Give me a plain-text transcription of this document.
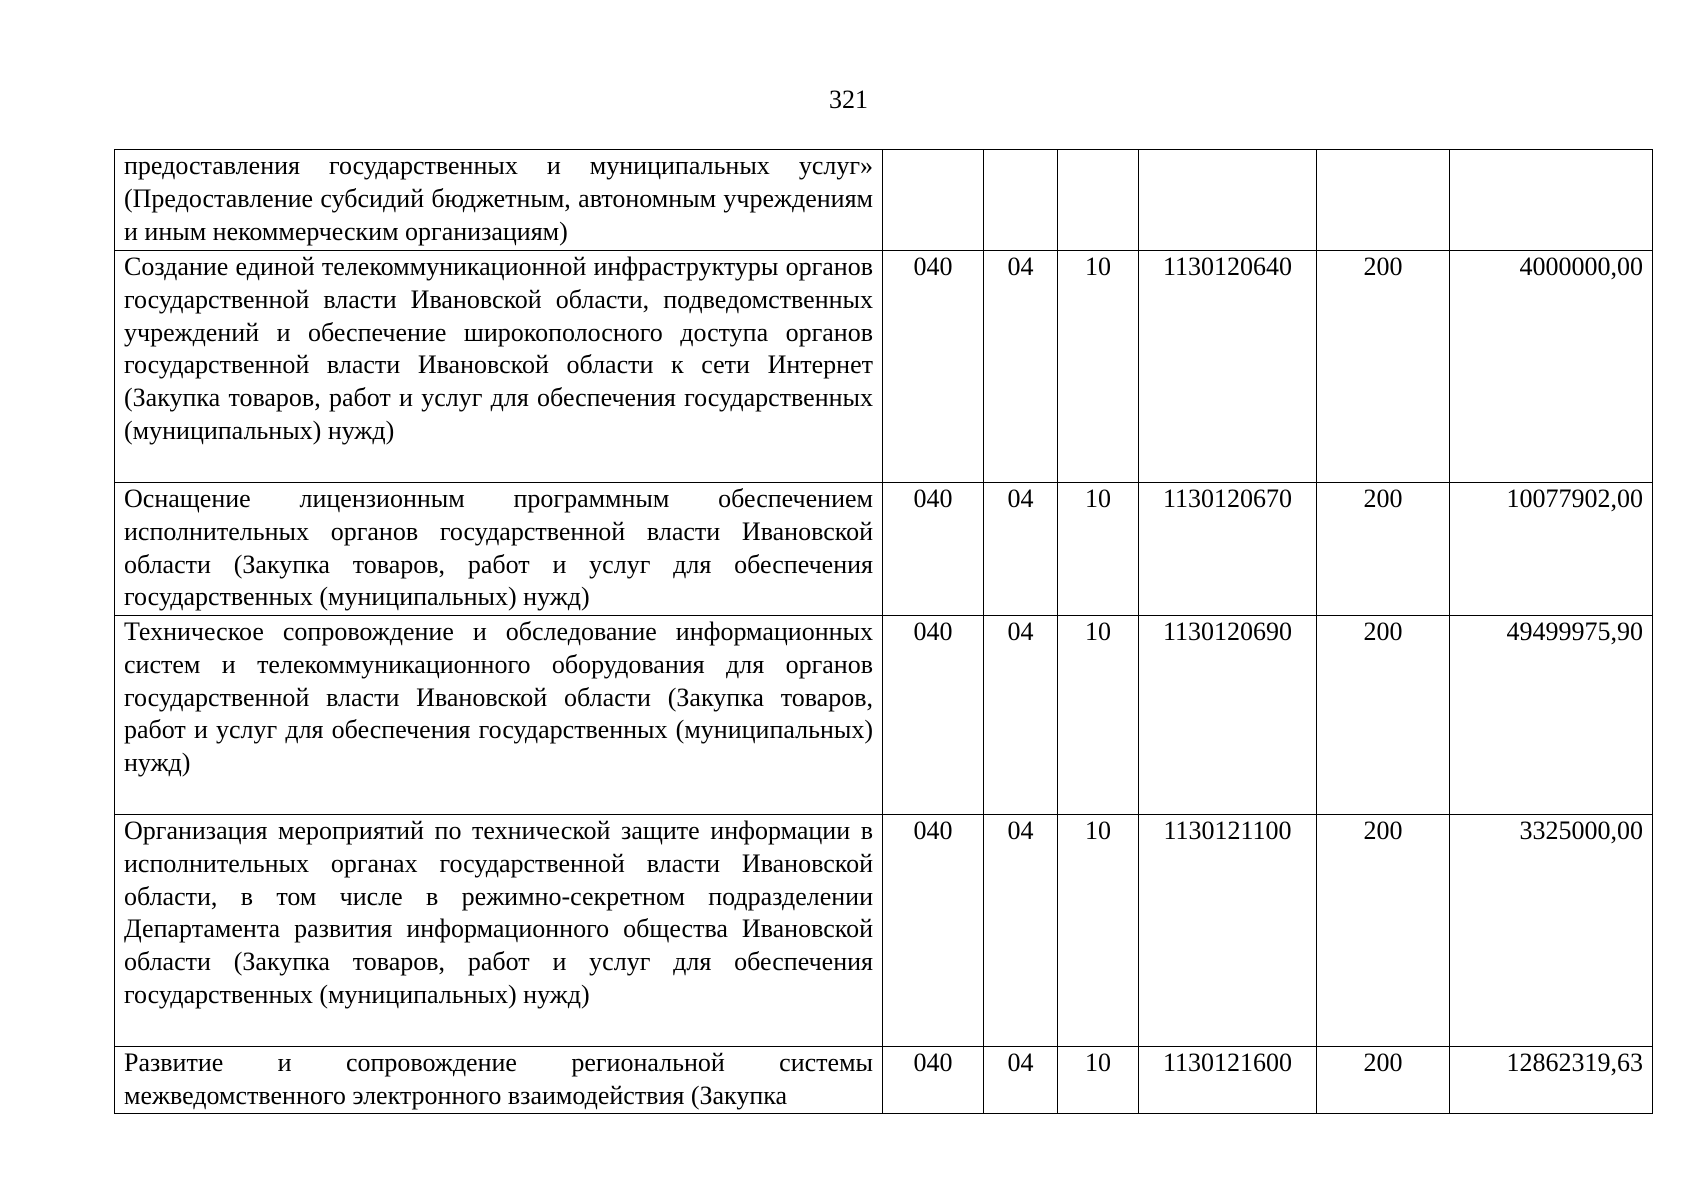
321
предоставления государственных и муниципальных услуг» (Предоставление субсидий бюджетным, автономным учреждениям и иным некоммерческим организациям)						
Создание единой телекоммуникационной инфраструктуры органов государственной власти Ивановской области, подведомственных учреждений и обеспечение широкополосного доступа органов государственной власти Ивановской области к сети Интернет (Закупка товаров, работ и услуг для обеспечения государственных (муниципальных) нужд)	040	04	10	1130120640	200	4000000,00
Оснащение лицензионным программным обеспечением исполнительных органов государственной власти Ивановской области (Закупка товаров, работ и услуг для обеспечения государственных (муниципальных) нужд)	040	04	10	1130120670	200	10077902,00
Техническое сопровождение и обследование информационных систем и телекоммуникационного оборудования для органов государственной власти Ивановской области (Закупка товаров, работ и услуг для обеспечения государственных (муниципальных) нужд)	040	04	10	1130120690	200	49499975,90
Организация мероприятий по технической защите информации в исполнительных органах государственной власти Ивановской области, в том числе в режимно-секретном подразделении Департамента развития информационного общества Ивановской области (Закупка товаров, работ и услуг для обеспечения государственных (муниципальных) нужд)	040	04	10	1130121100	200	3325000,00
Развитие и сопровождение региональной системы межведомственного электронного взаимодействия (Закупка	040	04	10	1130121600	200	12862319,63
